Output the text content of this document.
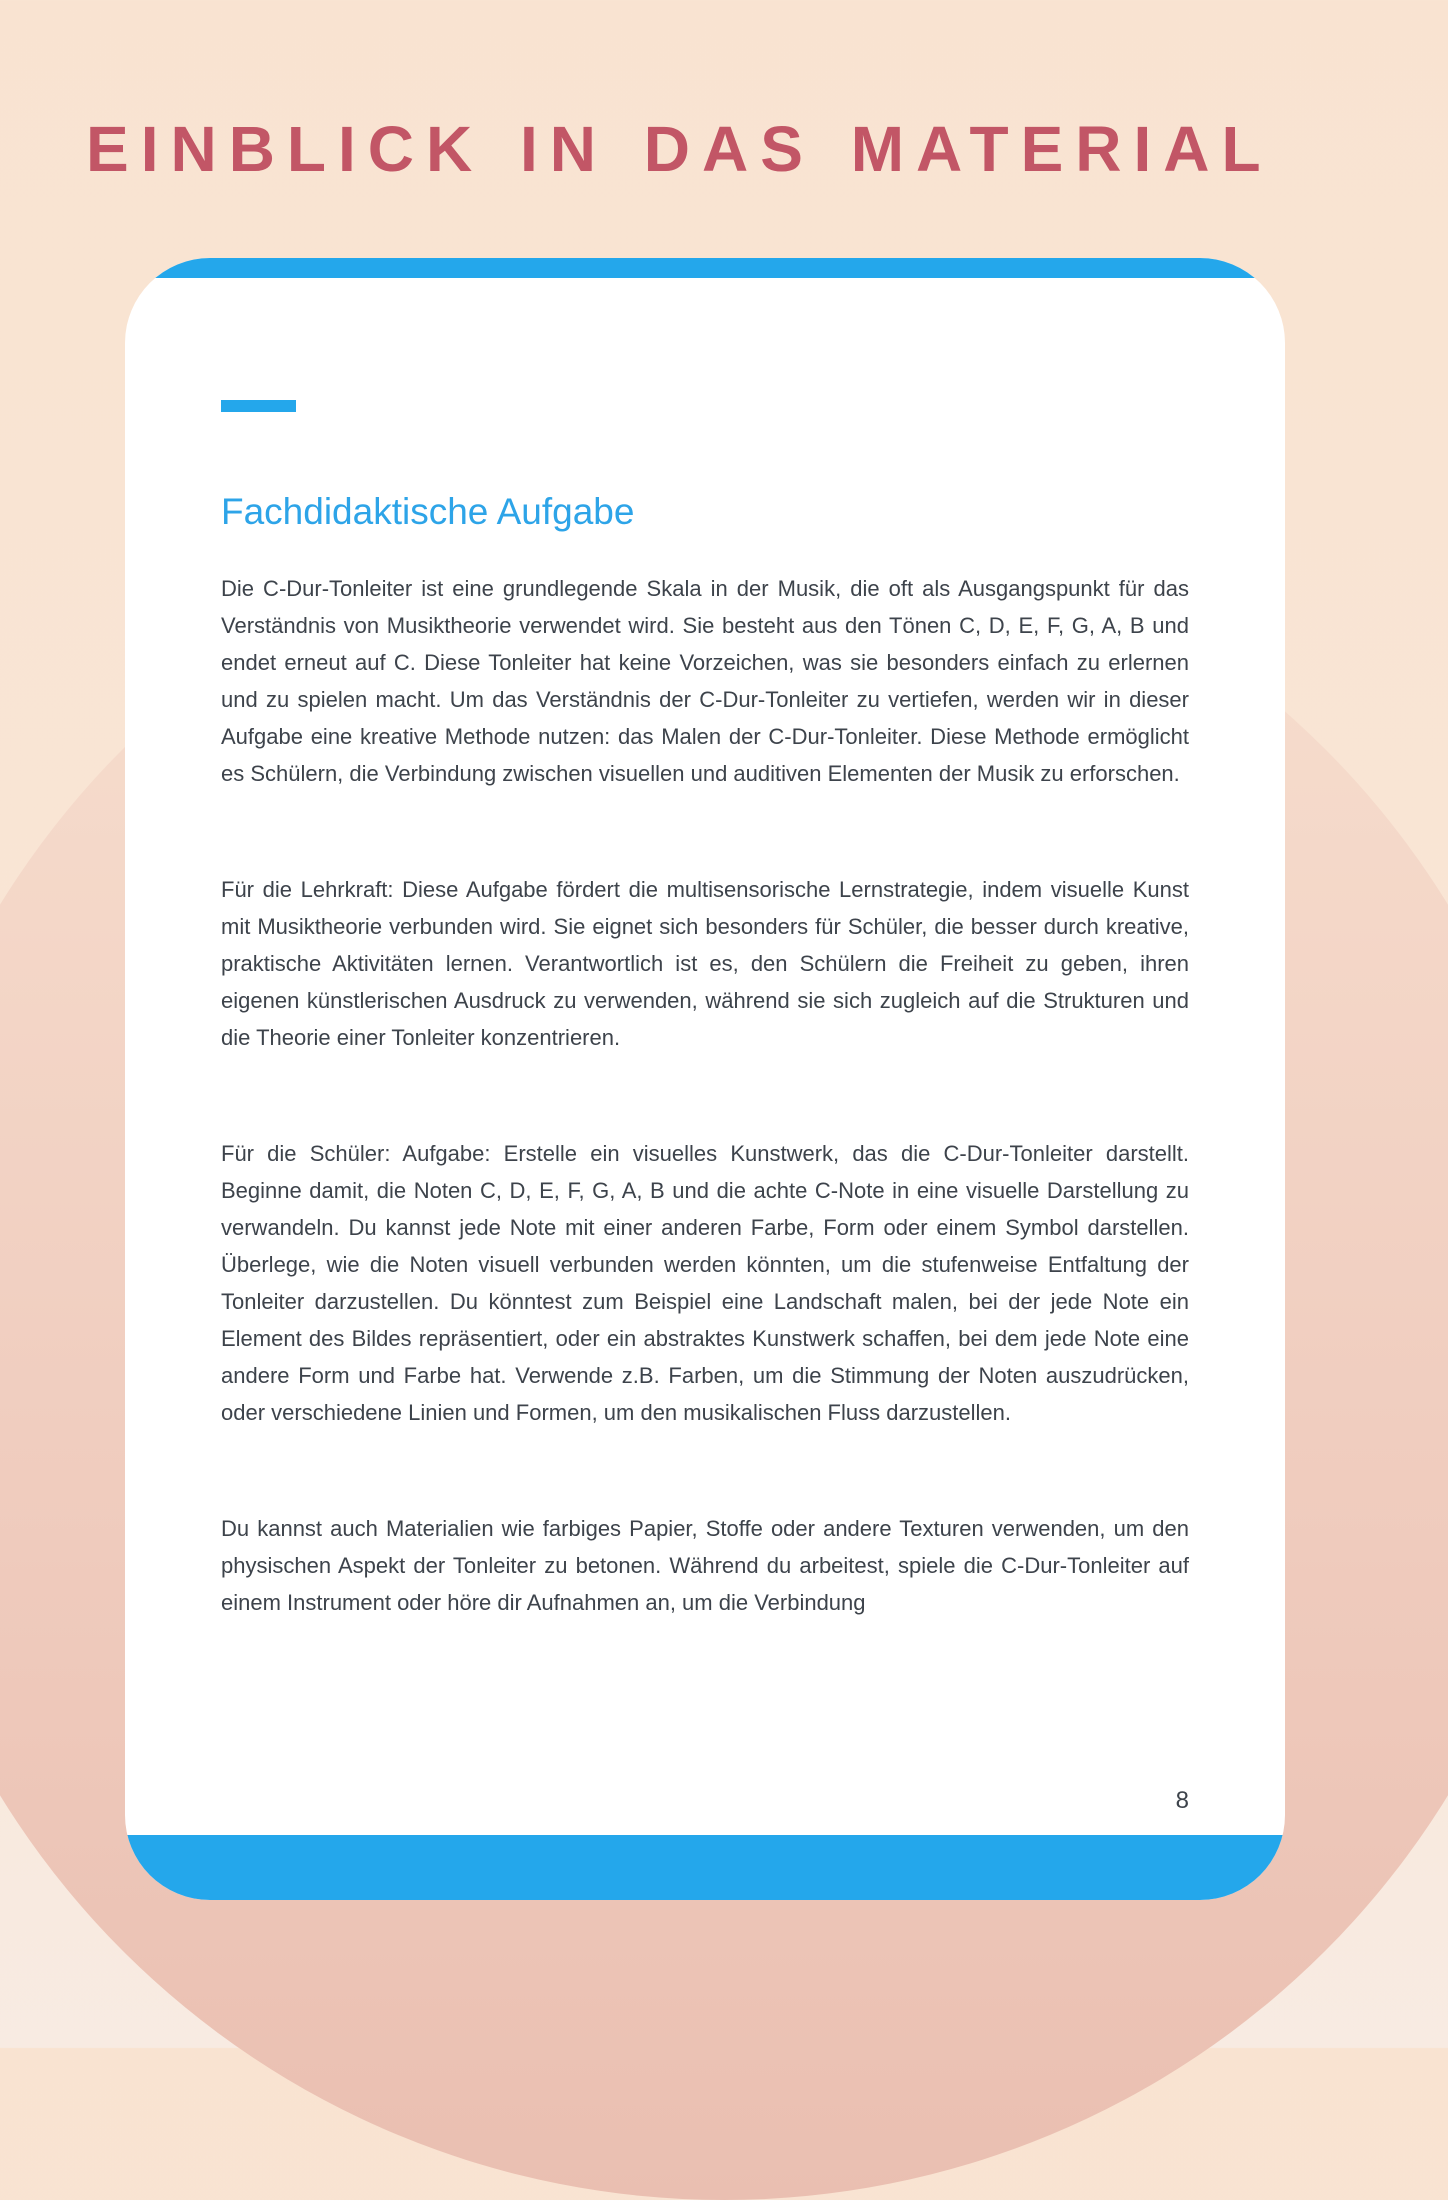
EINBLICK IN DAS MATERIAL
Fachdidaktische Aufgabe

Die C-Dur-Tonleiter ist eine grundlegende Skala in der Musik, die oft als Ausgangspunkt für das Verständnis von Musiktheorie verwendet wird. Sie besteht aus den Tönen C, D, E, F, G, A, B und endet erneut auf C. Diese Tonleiter hat keine Vorzeichen, was sie besonders einfach zu erlernen und zu spielen macht. Um das Verständnis der C-Dur-Tonleiter zu vertiefen, werden wir in dieser Aufgabe eine kreative Methode nutzen: das Malen der C-Dur-Tonleiter. Diese Methode ermöglicht es Schülern, die Verbindung zwischen visuellen und auditiven Elementen der Musik zu erforschen.

Für die Lehrkraft: Diese Aufgabe fördert die multisensorische Lernstrategie, indem visuelle Kunst mit Musiktheorie verbunden wird. Sie eignet sich besonders für Schüler, die besser durch kreative, praktische Aktivitäten lernen. Verantwortlich ist es, den Schülern die Freiheit zu geben, ihren eigenen künstlerischen Ausdruck zu verwenden, während sie sich zugleich auf die Strukturen und die Theorie einer Tonleiter konzentrieren.

Für die Schüler: Aufgabe: Erstelle ein visuelles Kunstwerk, das die C-Dur-Tonleiter darstellt. Beginne damit, die Noten C, D, E, F, G, A, B und die achte C-Note in eine visuelle Darstellung zu verwandeln. Du kannst jede Note mit einer anderen Farbe, Form oder einem Symbol darstellen. Überlege, wie die Noten visuell verbunden werden könnten, um die stufenweise Entfaltung der Tonleiter darzustellen. Du könntest zum Beispiel eine Landschaft malen, bei der jede Note ein Element des Bildes repräsentiert, oder ein abstraktes Kunstwerk schaffen, bei dem jede Note eine andere Form und Farbe hat. Verwende z.B. Farben, um die Stimmung der Noten auszudrücken, oder verschiedene Linien und Formen, um den musikalischen Fluss darzustellen.

Du kannst auch Materialien wie farbiges Papier, Stoffe oder andere Texturen verwenden, um den physischen Aspekt der Tonleiter zu betonen. Während du arbeitest, spiele die C-Dur-Tonleiter auf einem Instrument oder höre dir Aufnahmen an, um die Verbindung

8
